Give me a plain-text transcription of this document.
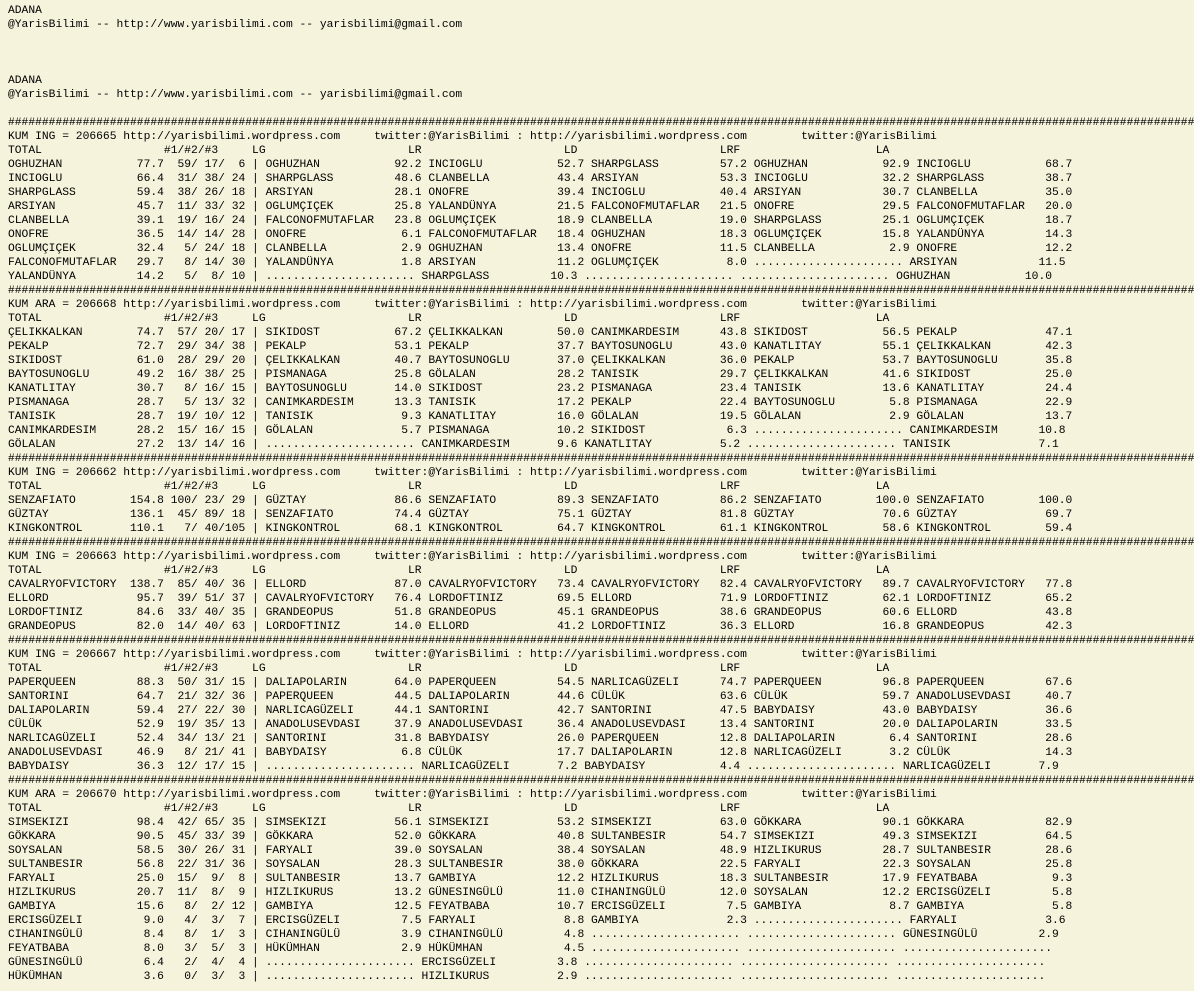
ADANA
@YarisBilimi -- http://www.yarisbilimi.com -- yarisbilimi@gmail.com
ADANA
@YarisBilimi -- http://www.yarisbilimi.com -- yarisbilimi@gmail.com
###############################################################################################################################################################################
KUM ING = 206665 http://yarisbilimi.wordpress.com     twitter:@YarisBilimi : http://yarisbilimi.wordpress.com        twitter:@YarisBilimi
TOTAL                  #1/#2/#3     LG                     LR                     LD                     LRF                    LA
OGHUZHAN           77.7  59/ 17/  6 | OGHUZHAN           92.2 INCIOGLU           52.7 SHARPGLASS         57.2 OGHUZHAN           92.9 INCIOGLU           68.7
INCIOGLU           66.4  31/ 38/ 24 | SHARPGLASS         48.6 CLANBELLA          43.4 ARSIYAN            53.3 INCIOGLU           32.2 SHARPGLASS         38.7
SHARPGLASS         59.4  38/ 26/ 18 | ARSIYAN            28.1 ONOFRE             39.4 INCIOGLU           40.4 ARSIYAN            30.7 CLANBELLA          35.0
ARSIYAN            45.7  11/ 33/ 32 | OGLUMÇIÇEK         25.8 YALANDÜNYA         21.5 FALCONOFMUTAFLAR   21.5 ONOFRE             29.5 FALCONOFMUTAFLAR   20.0
CLANBELLA          39.1  19/ 16/ 24 | FALCONOFMUTAFLAR   23.8 OGLUMÇIÇEK         18.9 CLANBELLA          19.0 SHARPGLASS         25.1 OGLUMÇIÇEK         18.7
ONOFRE             36.5  14/ 14/ 28 | ONOFRE              6.1 FALCONOFMUTAFLAR   18.4 OGHUZHAN           18.3 OGLUMÇIÇEK         15.8 YALANDÜNYA         14.3
OGLUMÇIÇEK         32.4   5/ 24/ 18 | CLANBELLA           2.9 OGHUZHAN           13.4 ONOFRE             11.5 CLANBELLA           2.9 ONOFRE             12.2
FALCONOFMUTAFLAR   29.7   8/ 14/ 30 | YALANDÜNYA          1.8 ARSIYAN            11.2 OGLUMÇIÇEK          8.0 ...................... ARSIYAN            11.5
YALANDÜNYA         14.2   5/  8/ 10 | ...................... SHARPGLASS         10.3 ...................... ...................... OGHUZHAN           10.0
###############################################################################################################################################################################
KUM ARA = 206668 http://yarisbilimi.wordpress.com     twitter:@YarisBilimi : http://yarisbilimi.wordpress.com        twitter:@YarisBilimi
TOTAL                  #1/#2/#3     LG                     LR                     LD                     LRF                    LA
ÇELIKKALKAN        74.7  57/ 20/ 17 | SIKIDOST           67.2 ÇELIKKALKAN        50.0 CANIMKARDESIM      43.8 SIKIDOST           56.5 PEKALP             47.1
PEKALP             72.7  29/ 34/ 38 | PEKALP             53.1 PEKALP             37.7 BAYTOSUNOGLU       43.0 KANATLITAY         55.1 ÇELIKKALKAN        42.3
SIKIDOST           61.0  28/ 29/ 20 | ÇELIKKALKAN        40.7 BAYTOSUNOGLU       37.0 ÇELIKKALKAN        36.0 PEKALP             53.7 BAYTOSUNOGLU       35.8
BAYTOSUNOGLU       49.2  16/ 38/ 25 | PISMANAGA          25.8 GÖLALAN            28.2 TANISIK            29.7 ÇELIKKALKAN        41.6 SIKIDOST           25.0
KANATLITAY         30.7   8/ 16/ 15 | BAYTOSUNOGLU       14.0 SIKIDOST           23.2 PISMANAGA          23.4 TANISIK            13.6 KANATLITAY         24.4
PISMANAGA          28.7   5/ 13/ 32 | CANIMKARDESIM      13.3 TANISIK            17.2 PEKALP             22.4 BAYTOSUNOGLU        5.8 PISMANAGA          22.9
TANISIK            28.7  19/ 10/ 12 | TANISIK             9.3 KANATLITAY         16.0 GÖLALAN            19.5 GÖLALAN             2.9 GÖLALAN            13.7
CANIMKARDESIM      28.2  15/ 16/ 15 | GÖLALAN             5.7 PISMANAGA          10.2 SIKIDOST            6.3 ...................... CANIMKARDESIM      10.8
GÖLALAN            27.2  13/ 14/ 16 | ...................... CANIMKARDESIM       9.6 KANATLITAY          5.2 ...................... TANISIK             7.1
###############################################################################################################################################################################
KUM ING = 206662 http://yarisbilimi.wordpress.com     twitter:@YarisBilimi : http://yarisbilimi.wordpress.com        twitter:@YarisBilimi
TOTAL                  #1/#2/#3     LG                     LR                     LD                     LRF                    LA
SENZAFIATO        154.8 100/ 23/ 29 | GÜZTAY             86.6 SENZAFIATO         89.3 SENZAFIATO         86.2 SENZAFIATO        100.0 SENZAFIATO        100.0
GÜZTAY            136.1  45/ 89/ 18 | SENZAFIATO         74.4 GÜZTAY             75.1 GÜZTAY             81.8 GÜZTAY             70.6 GÜZTAY             69.7
KINGKONTROL       110.1   7/ 40/105 | KINGKONTROL        68.1 KINGKONTROL        64.7 KINGKONTROL        61.1 KINGKONTROL        58.6 KINGKONTROL        59.4
###############################################################################################################################################################################
KUM ING = 206663 http://yarisbilimi.wordpress.com     twitter:@YarisBilimi : http://yarisbilimi.wordpress.com        twitter:@YarisBilimi
TOTAL                  #1/#2/#3     LG                     LR                     LD                     LRF                    LA
CAVALRYOFVICTORY  138.7  85/ 40/ 36 | ELLORD             87.0 CAVALRYOFVICTORY   73.4 CAVALRYOFVICTORY   82.4 CAVALRYOFVICTORY   89.7 CAVALRYOFVICTORY   77.8
ELLORD             95.7  39/ 51/ 37 | CAVALRYOFVICTORY   76.4 LORDOFTINIZ        69.5 ELLORD             71.9 LORDOFTINIZ        62.1 LORDOFTINIZ        65.2
LORDOFTINIZ        84.6  33/ 40/ 35 | GRANDEOPUS         51.8 GRANDEOPUS         45.1 GRANDEOPUS         38.6 GRANDEOPUS         60.6 ELLORD             43.8
GRANDEOPUS         82.0  14/ 40/ 63 | LORDOFTINIZ        14.0 ELLORD             41.2 LORDOFTINIZ        36.3 ELLORD             16.8 GRANDEOPUS         42.3
###############################################################################################################################################################################
KUM ING = 206667 http://yarisbilimi.wordpress.com     twitter:@YarisBilimi : http://yarisbilimi.wordpress.com        twitter:@YarisBilimi
TOTAL                  #1/#2/#3     LG                     LR                     LD                     LRF                    LA
PAPERQUEEN         88.3  50/ 31/ 15 | DALIAPOLARIN       64.0 PAPERQUEEN         54.5 NARLICAGÜZELI      74.7 PAPERQUEEN         96.8 PAPERQUEEN         67.6
SANTORINI          64.7  21/ 32/ 36 | PAPERQUEEN         44.5 DALIAPOLARIN       44.6 CÜLÜK              63.6 CÜLÜK              59.7 ANADOLUSEVDASI     40.7
DALIAPOLARIN       59.4  27/ 22/ 30 | NARLICAGÜZELI      44.1 SANTORINI          42.7 SANTORINI          47.5 BABYDAISY          43.0 BABYDAISY          36.6
CÜLÜK              52.9  19/ 35/ 13 | ANADOLUSEVDASI     37.9 ANADOLUSEVDASI     36.4 ANADOLUSEVDASI     13.4 SANTORINI          20.0 DALIAPOLARIN       33.5
NARLICAGÜZELI      52.4  34/ 13/ 21 | SANTORINI          31.8 BABYDAISY          26.0 PAPERQUEEN         12.8 DALIAPOLARIN        6.4 SANTORINI          28.6
ANADOLUSEVDASI     46.9   8/ 21/ 41 | BABYDAISY           6.8 CÜLÜK              17.7 DALIAPOLARIN       12.8 NARLICAGÜZELI       3.2 CÜLÜK              14.3
BABYDAISY          36.3  12/ 17/ 15 | ...................... NARLICAGÜZELI       7.2 BABYDAISY           4.4 ...................... NARLICAGÜZELI       7.9
###############################################################################################################################################################################
KUM ARA = 206670 http://yarisbilimi.wordpress.com     twitter:@YarisBilimi : http://yarisbilimi.wordpress.com        twitter:@YarisBilimi
TOTAL                  #1/#2/#3     LG                     LR                     LD                     LRF                    LA
SIMSEKIZI          98.4  42/ 65/ 35 | SIMSEKIZI          56.1 SIMSEKIZI          53.2 SIMSEKIZI          63.0 GÖKKARA            90.1 GÖKKARA            82.9
GÖKKARA            90.5  45/ 33/ 39 | GÖKKARA            52.0 GÖKKARA            40.8 SULTANBESIR        54.7 SIMSEKIZI          49.3 SIMSEKIZI          64.5
SOYSALAN           58.5  30/ 26/ 31 | FARYALI            39.0 SOYSALAN           38.4 SOYSALAN           48.9 HIZLIKURUS         28.7 SULTANBESIR        28.6
SULTANBESIR        56.8  22/ 31/ 36 | SOYSALAN           28.3 SULTANBESIR        38.0 GÖKKARA            22.5 FARYALI            22.3 SOYSALAN           25.8
FARYALI            25.0  15/  9/  8 | SULTANBESIR        13.7 GAMBIYA            12.2 HIZLIKURUS         18.3 SULTANBESIR        17.9 FEYATBABA           9.3
HIZLIKURUS         20.7  11/  8/  9 | HIZLIKURUS         13.2 GÜNESINGÜLÜ        11.0 CIHANINGÜLÜ        12.0 SOYSALAN           12.2 ERCISGÜZELI         5.8
GAMBIYA            15.6   8/  2/ 12 | GAMBIYA            12.5 FEYATBABA          10.7 ERCISGÜZELI         7.5 GAMBIYA             8.7 GAMBIYA             5.8
ERCISGÜZELI         9.0   4/  3/  7 | ERCISGÜZELI         7.5 FARYALI             8.8 GAMBIYA             2.3 ...................... FARYALI             3.6
CIHANINGÜLÜ         8.4   8/  1/  3 | CIHANINGÜLÜ         3.9 CIHANINGÜLÜ         4.8 ...................... ...................... GÜNESINGÜLÜ         2.9
FEYATBABA           8.0   3/  5/  3 | HÜKÜMHAN            2.9 HÜKÜMHAN            4.5 ...................... ...................... ......................
GÜNESINGÜLÜ         6.4   2/  4/  4 | ...................... ERCISGÜZELI         3.8 ...................... ...................... ......................
HÜKÜMHAN            3.6   0/  3/  3 | ...................... HIZLIKURUS          2.9 ...................... ...................... ......................
